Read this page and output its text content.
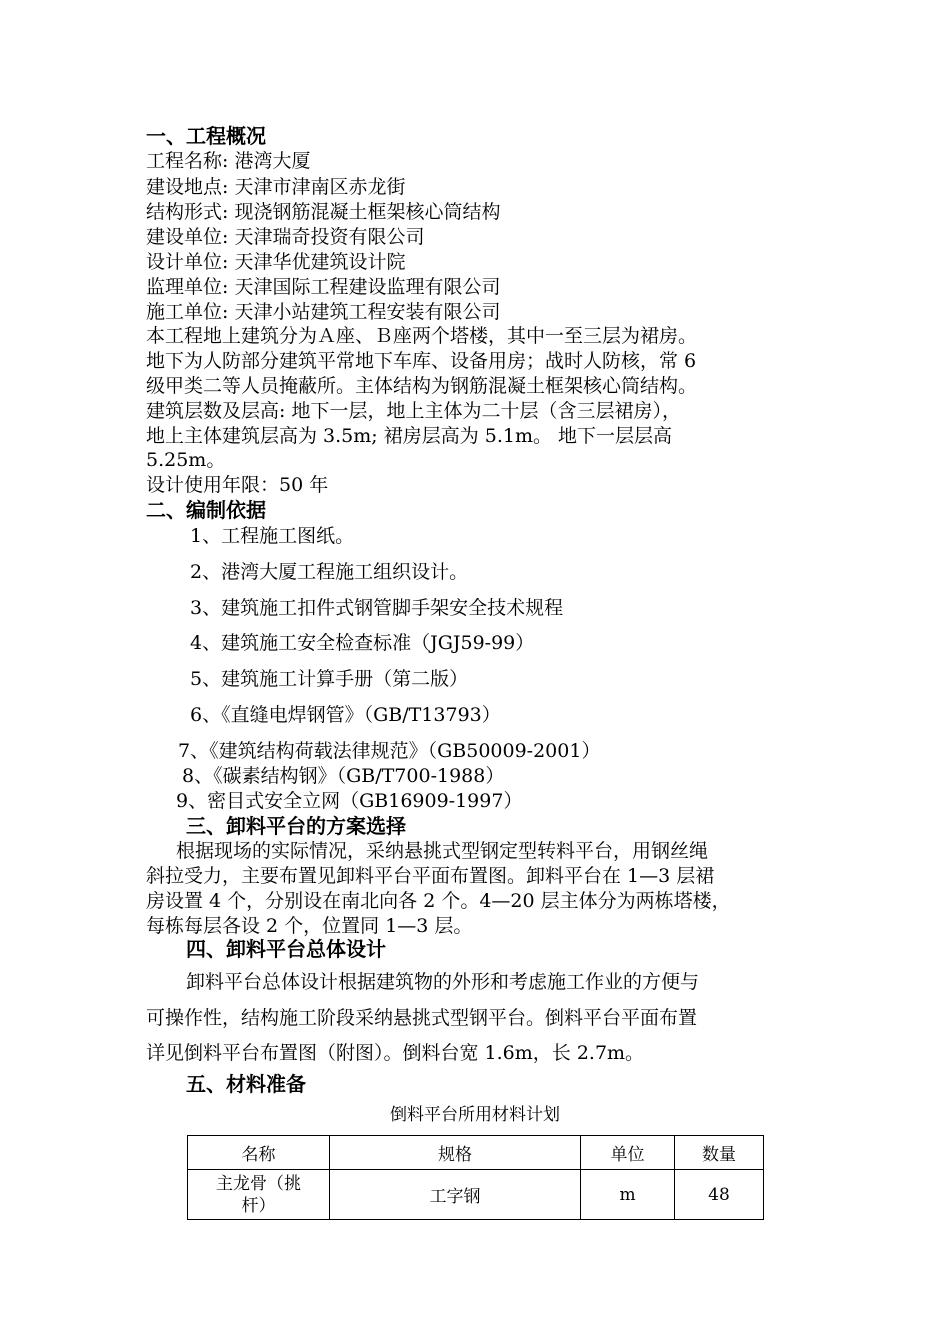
一、工程概况
工程名称: 港湾大厦
建设地点: 天津市津南区赤龙街
结构形式: 现浇钢筋混凝土框架核心筒结构
建设单位: 天津瑞奇投资有限公司
设计单位: 天津华优建筑设计院
监理单位: 天津国际工程建设监理有限公司
施工单位: 天津小站建筑工程安装有限公司
本工程地上建筑分为Ａ座、Ｂ座两个塔楼，其中一至三层为裙房。
地下为人防部分建筑平常地下车库、设备用房；战时人防核，常 6
级甲类二等人员掩蔽所。主体结构为钢筋混凝土框架核心筒结构。
建筑层数及层高: 地下一层，地上主体为二十层（含三层裙房），
地上主体建筑层高为 3.5m; 裙房层高为 5.1m。 地下一层层高
5.25m。
设计使用年限：50 年
二、编制依据
1、工程施工图纸。
2、港湾大厦工程施工组织设计。
3、建筑施工扣件式钢管脚手架安全技术规程
4、建筑施工安全检查标准（JGJ59-99）
5、建筑施工计算手册（第二版）
6、《直缝电焊钢管》（GB/T13793）
7、《建筑结构荷载法律规范》（GB50009-2001）
8、《碳素结构钢》（GB/T700-1988）
9、密目式安全立网（GB16909-1997）
三、卸料平台的方案选择
根据现场的实际情况，采纳悬挑式型钢定型转料平台，用钢丝绳
斜拉受力，主要布置见卸料平台平面布置图。卸料平台在 1—3 层裙
房设置 4 个，分别设在南北向各 2 个。4—20 层主体分为两栋塔楼，
每栋每层各设 2 个，位置同 1—3 层。
四、卸料平台总体设计
卸料平台总体设计根据建筑物的外形和考虑施工作业的方便与
可操作性，结构施工阶段采纳悬挑式型钢平台。倒料平台平面布置
详见倒料平台布置图（附图）。倒料台宽 1.6m，长 2.7m。
五、材料准备
倒料平台所用材料计划
名称	规格	单位	数量
主龙骨（挑
杆）	工字钢	m	48
